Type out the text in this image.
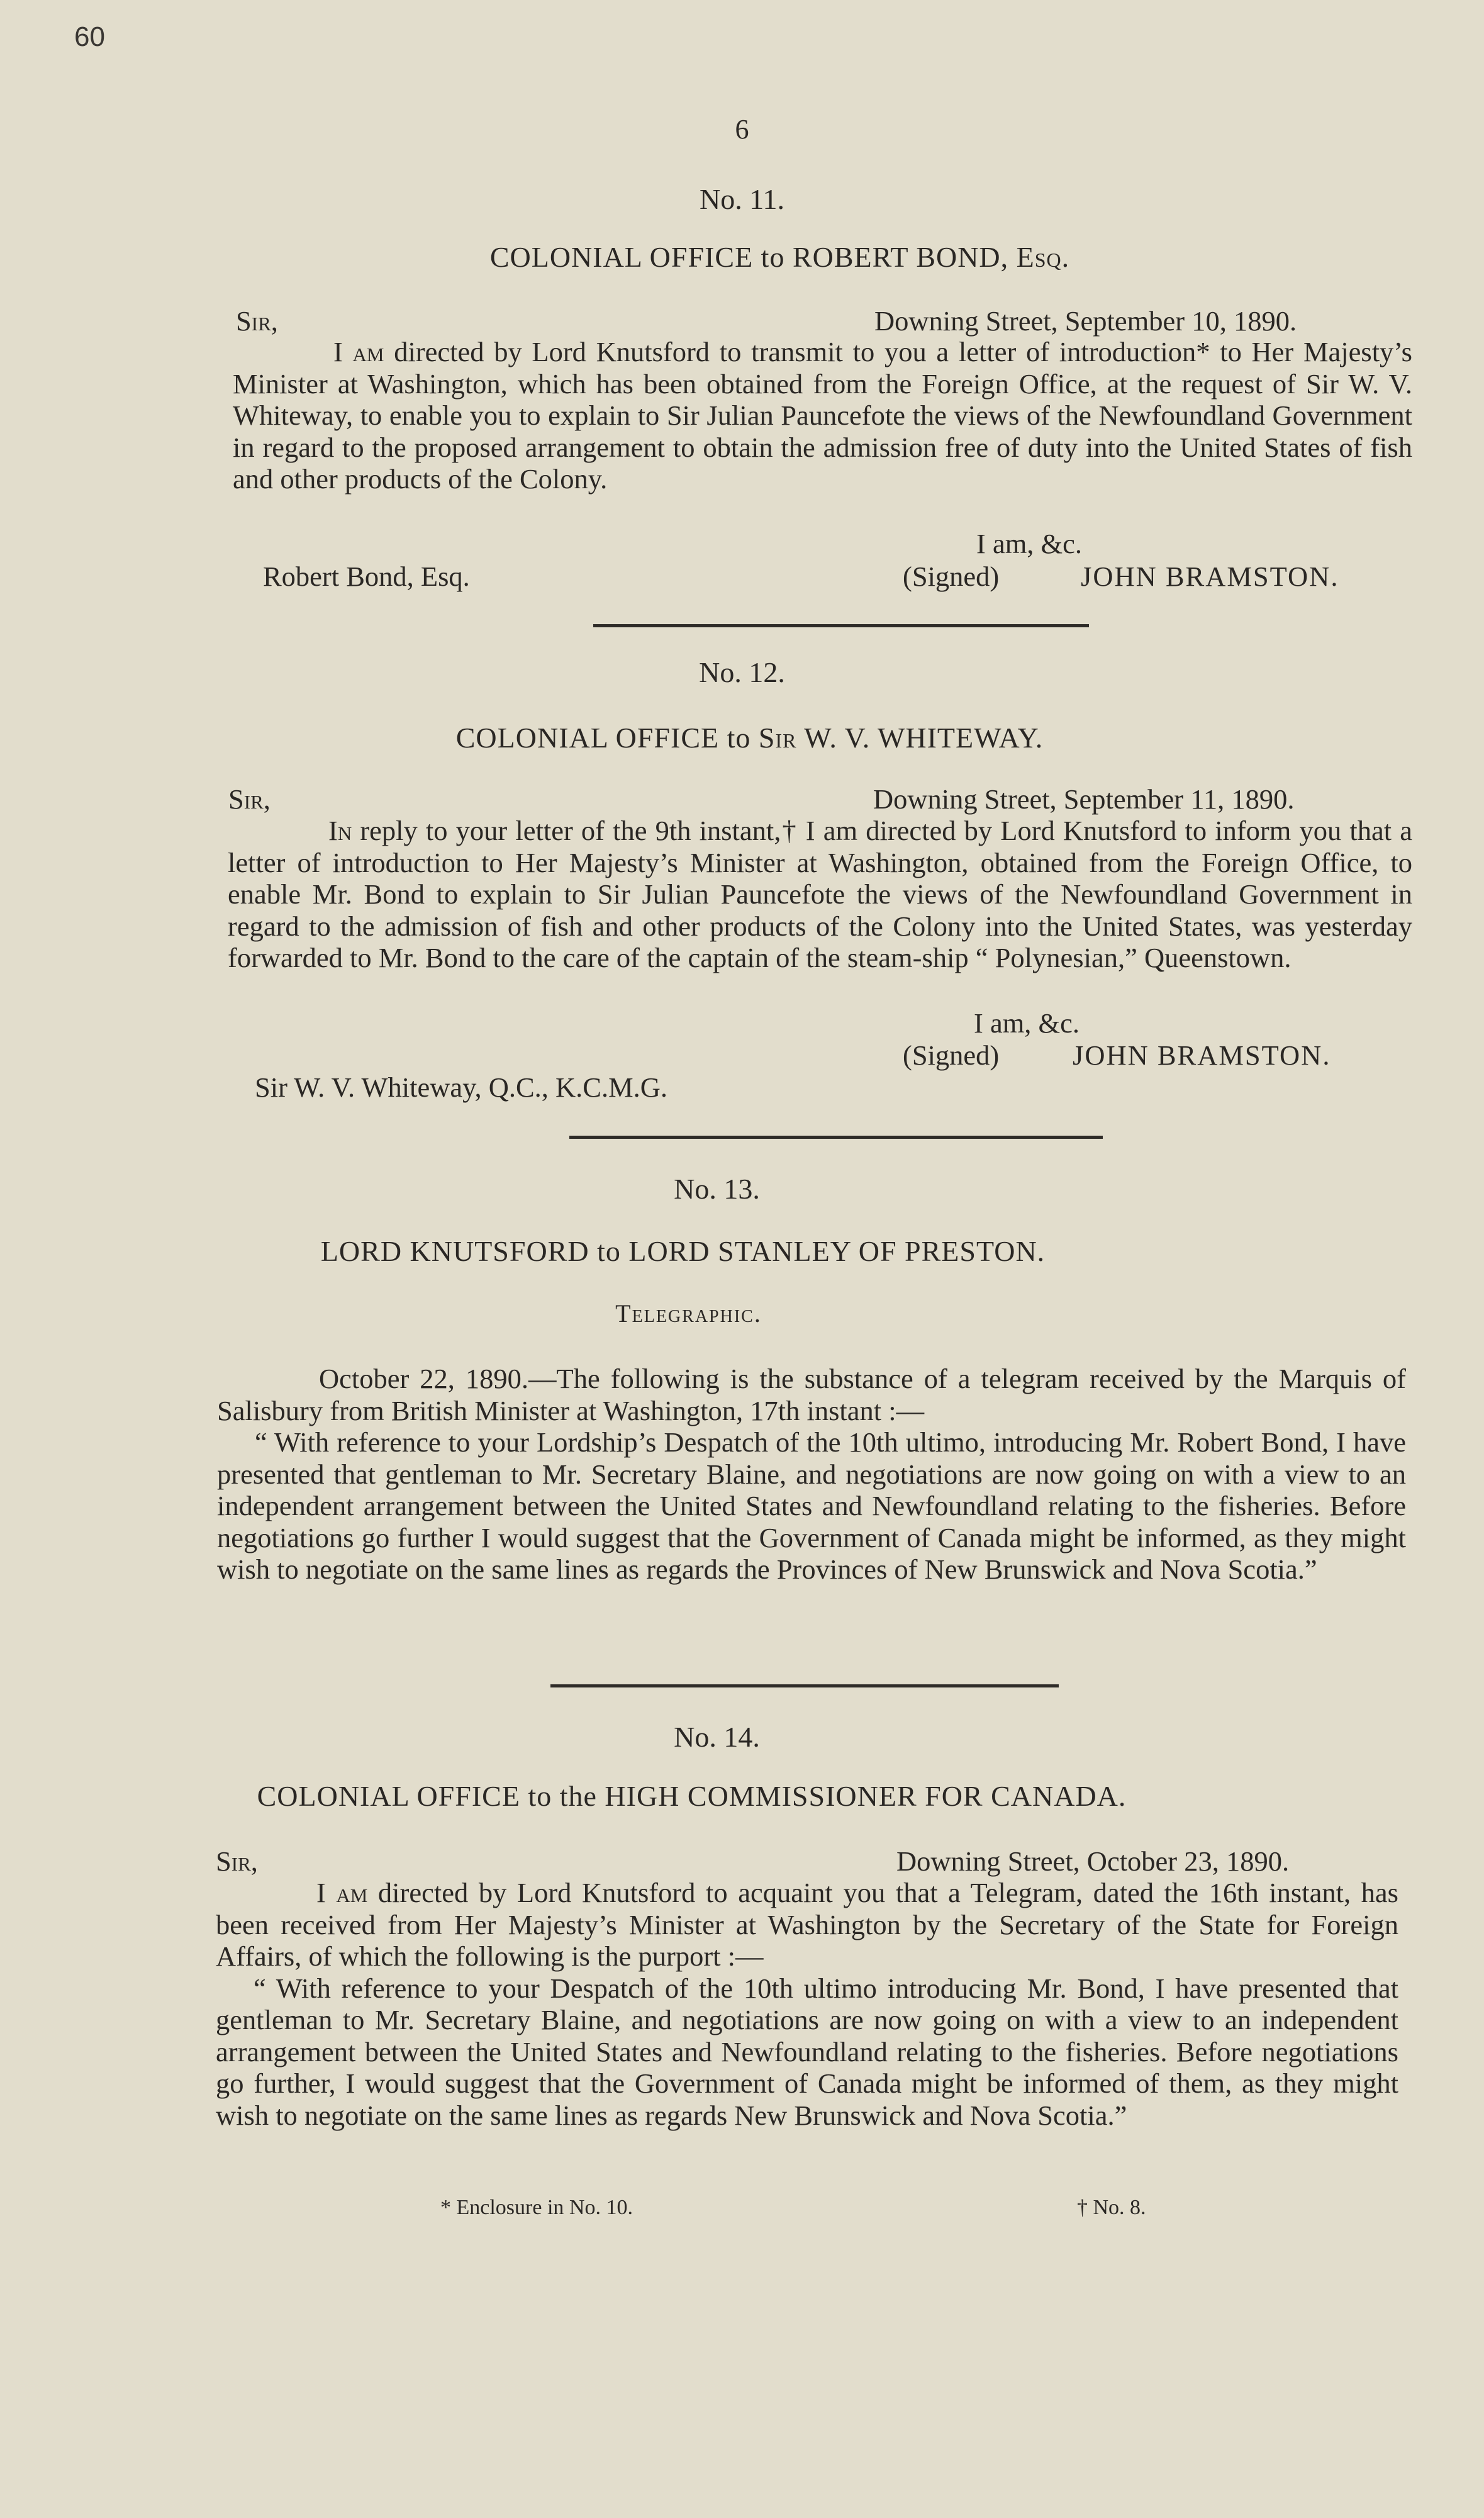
60
6
No. 11.
COLONIAL OFFICE to ROBERT BOND, Esq.
Sir,	Downing Street, September 10, 1890.

I am directed by Lord Knutsford to transmit to you a letter of introduction* to Her Majesty’s Minister at Washington, which has been obtained from the Foreign Office, at the request of Sir W. V. Whiteway, to enable you to explain to Sir Julian Pauncefote the views of the Newfoundland Government in regard to the proposed arrangement to obtain the admission free of duty into the United States of fish and other products of the Colony.

I am, &c.
Robert Bond, Esq.	(Signed)	JOHN BRAMSTON.
No. 12.
COLONIAL OFFICE to Sir W. V. WHITEWAY.
Sir,	Downing Street, September 11, 1890.

In reply to your letter of the 9th instant,† I am directed by Lord Knutsford to inform you that a letter of introduction to Her Majesty’s Minister at Washington, obtained from the Foreign Office, to enable Mr. Bond to explain to Sir Julian Pauncefote the views of the Newfoundland Government in regard to the admission of fish and other products of the Colony into the United States, was yesterday forwarded to Mr. Bond to the care of the captain of the steam-ship “ Polynesian,” Queenstown.

I am, &c.
(Signed)	JOHN BRAMSTON.
Sir W. V. Whiteway, Q.C., K.C.M.G.
No. 13.
LORD KNUTSFORD to LORD STANLEY OF PRESTON.
Telegraphic.

October 22, 1890.—The following is the substance of a telegram received by the Marquis of Salisbury from British Minister at Washington, 17th instant :—

“ With reference to your Lordship’s Despatch of the 10th ultimo, introducing Mr. Robert Bond, I have presented that gentleman to Mr. Secretary Blaine, and negotiations are now going on with a view to an independent arrangement between the United States and Newfoundland relating to the fisheries. Before negotiations go further I would suggest that the Government of Canada might be informed, as they might wish to negotiate on the same lines as regards the Provinces of New Brunswick and Nova Scotia.”

No. 14.
COLONIAL OFFICE to the HIGH COMMISSIONER FOR CANADA.
Sir,	Downing Street, October 23, 1890.

I am directed by Lord Knutsford to acquaint you that a Telegram, dated the 16th instant, has been received from Her Majesty’s Minister at Washington by the Secretary of the State for Foreign Affairs, of which the following is the purport :—

“ With reference to your Despatch of the 10th ultimo introducing Mr. Bond, I have presented that gentleman to Mr. Secretary Blaine, and negotiations are now going on with a view to an independent arrangement between the United States and Newfoundland relating to the fisheries. Before negotiations go further, I would suggest that the Government of Canada might be informed of them, as they might wish to negotiate on the same lines as regards New Brunswick and Nova Scotia.”

* Enclosure in No. 10.	† No. 8.
